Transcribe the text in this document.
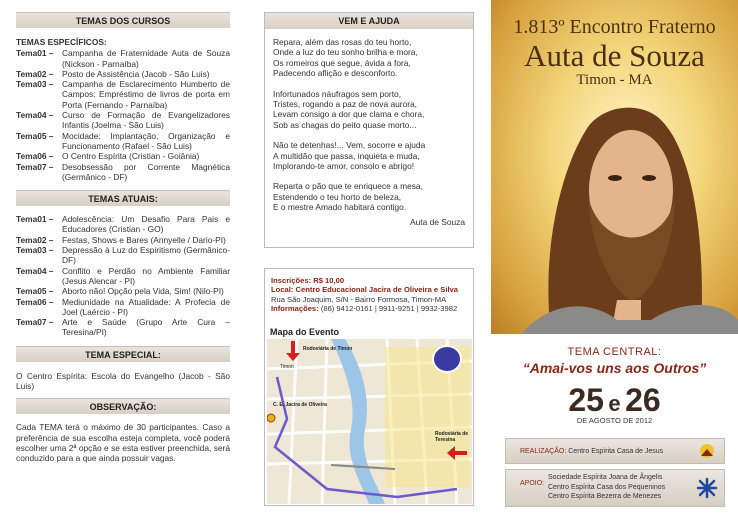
TEMAS DOS CURSOS
TEMAS ESPECÍFICOS:
Tema01 –	Campanha de Fraternidade Auta de Souza (Nickson - Parnaíba)
Tema02 –	Posto de Assistência (Jacob - São Luis)
Tema03 –	Campanha de Esclarecimento Humberto de Campos: Empréstimo de livros de porta em Porta (Fernando - Parnaíba)
Tema04 –	Curso de Formação de Evangelizadores Infantis (Joelma - São Luis)
Tema05 –	Mocidade: Implantação, Organização e Funcionamento (Rafael - São Luis)
Tema06 –	O Centro Espírita (Cristian - Goiânia)
Tema07 –	Desobsessão por Corrente Magnética (Germânico - DF)
TEMAS ATUAIS:
Tema01 –	Adolescência: Um Desafio Para Pais e Educadores (Cristian - GO)
Tema02 –	Festas, Shows e Bares (Annyelle / Dario-PI)
Tema03 –	Depressão à Luz do Espiritismo (Germânico-DF)
Tema04 –	Conflito e Perdão no Ambiente Familiar (Jesus Alencar - PI)
Tema05 –	Aborto não! Opção pela Vida, Sim! (Nilo-PI)
Tema06 –	Mediunidade na Atualidade: A Profecia de Joel (Laércio - PI)
Tema07 –	Arte e Saúde (Grupo Arte Cura – Teresina/PI)
TEMA ESPECIAL:
O Centro Espírita: Escola do Evangelho (Jacob - São Luis)
OBSERVAÇÃO:
Cada TEMA terá o máximo de 30 participantes. Caso a preferência de sua escolha esteja completa, você poderá escolher uma 2ª opção e se esta estiver preenchida, será conduzido para a que ainda possuir vagas.
VEM E AJUDA
Repara, além das rosas do teu horto,
Onde a luz do teu sonho brilha e mora,
Os romeiros que segue, ávida a fora,
Padecendo aflição e desconforto.
Infortunados náufragos sem porto,
Tristes, rogando a paz de nova aurora,
Levam consigo a dor que clama e chora,
Sob as chagas do peito quase morto...
Não te detenhas!... Vem, socorre e ajuda
A multidão que passa, inquieta e muda,
Implorando-te amor, consolo e abrigo!
Reparta o pão que te enriquece a mesa,
Estendendo o teu horto de beleza,
E o mestre Amado habitará contigo.
Auta de Souza
Inscrições: R$ 10,00
Local: Centro Educacional Jacira de Oliveira e Silva
Rua São Joaquim, S/N - Bairro Formosa, Timon-MA
Informações: (86) 9412-0161 | 9911-9251 | 9932-3982
Mapa do Evento
Rodoviária de Timon
Timon
C. E. Jacira de Oliveira
Rodoviária de Teresina
1.813º Encontro Fraterno
Auta de Souza
Timon - MA
TEMA CENTRAL:
“Amai-vos uns aos Outros”
25 e 26
DE AGOSTO DE 2012
REALIZAÇÃO: Centro Espírita Casa de Jesus
APOIO:
Sociedade Espírita Joana de Ângelis
Centro Espírita Casa dos Pequeninos
Centro Espírita Bezerra de Menezes
